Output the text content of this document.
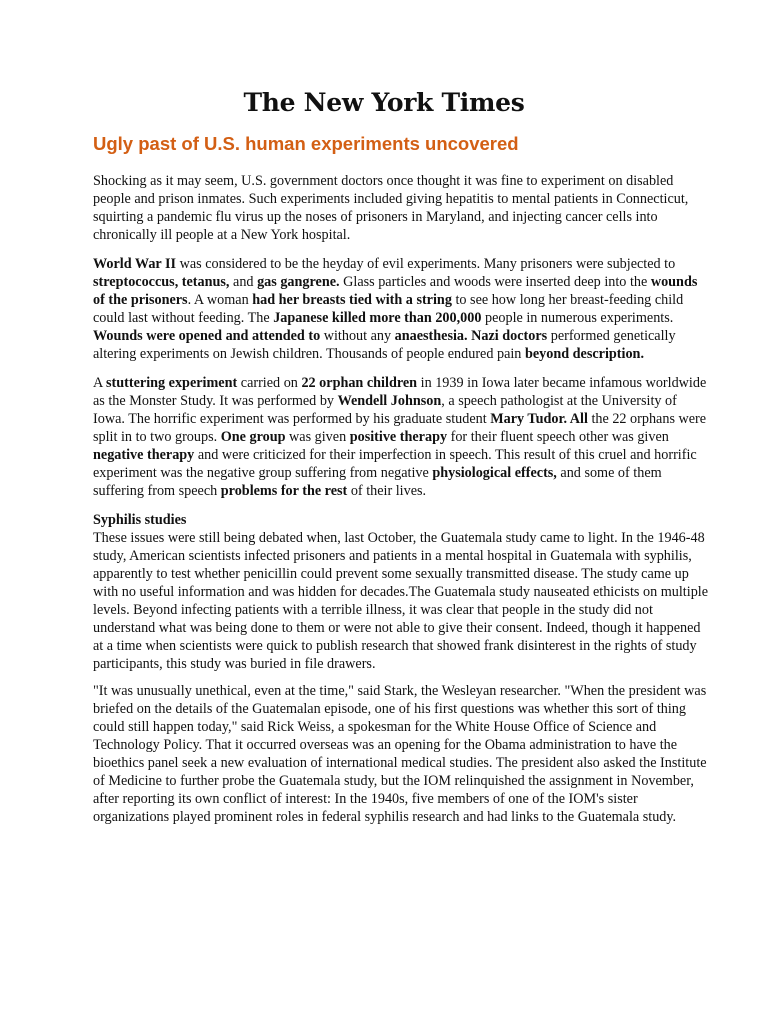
The New York Times
Ugly past of U.S. human experiments uncovered

Shocking as it may seem, U.S. government doctors once thought it was fine to experiment on disabled people and prison inmates. Such experiments included giving hepatitis to mental patients in Connecticut, squirting a pandemic flu virus up the noses of prisoners in Maryland, and injecting cancer cells into chronically ill people at a New York hospital.

World War II was considered to be the heyday of evil experiments. Many prisoners were subjected to streptococcus, tetanus, and gas gangrene. Glass particles and woods were inserted deep into the wounds of the prisoners. A woman had her breasts tied with a string to see how long her breast-feeding child could last without feeding. The Japanese killed more than 200,000 people in numerous experiments. Wounds were opened and attended to without any anaesthesia. Nazi doctors performed genetically altering experiments on Jewish children. Thousands of people endured pain beyond description.

A stuttering experiment carried on 22 orphan children in 1939 in Iowa later became infamous worldwide as the Monster Study. It was performed by Wendell Johnson, a speech pathologist at the University of Iowa. The horrific experiment was performed by his graduate student Mary Tudor. All the 22 orphans were split in to two groups. One group was given positive therapy for their fluent speech other was given negative therapy and were criticized for their imperfection in speech. This result of this cruel and horrific experiment was the negative group suffering from negative physiological effects, and some of them suffering from speech problems for the rest of their lives.

Syphilis studies
These issues were still being debated when, last October, the Guatemala study came to light. In the 1946-48 study, American scientists infected prisoners and patients in a mental hospital in Guatemala with syphilis, apparently to test whether penicillin could prevent some sexually transmitted disease. The study came up with no useful information and was hidden for decades.The Guatemala study nauseated ethicists on multiple levels. Beyond infecting patients with a terrible illness, it was clear that people in the study did not understand what was being done to them or were not able to give their consent. Indeed, though it happened at a time when scientists were quick to publish research that showed frank disinterest in the rights of study participants, this study was buried in file drawers.

"It was unusually unethical, even at the time," said Stark, the Wesleyan researcher. "When the president was briefed on the details of the Guatemalan episode, one of his first questions was whether this sort of thing could still happen today," said Rick Weiss, a spokesman for the White House Office of Science and Technology Policy. That it occurred overseas was an opening for the Obama administration to have the bioethics panel seek a new evaluation of international medical studies. The president also asked the Institute of Medicine to further probe the Guatemala study, but the IOM relinquished the assignment in November, after reporting its own conflict of interest: In the 1940s, five members of one of the IOM's sister organizations played prominent roles in federal syphilis research and had links to the Guatemala study.
